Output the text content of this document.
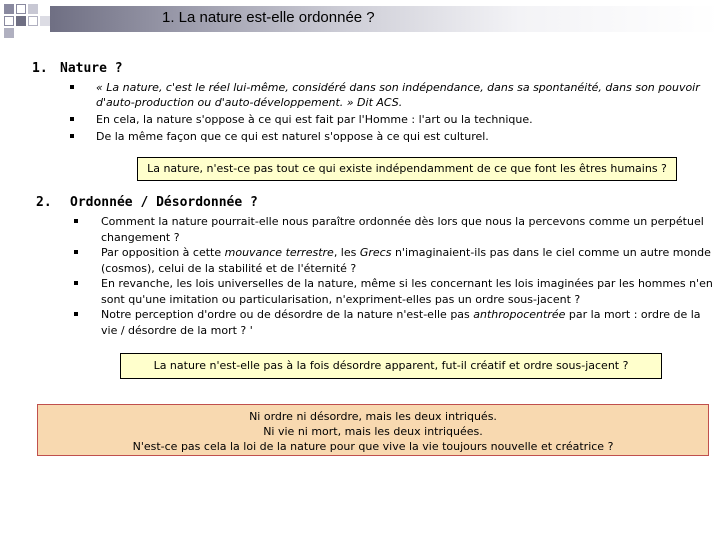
1. La nature est-elle ordonnée ?
1. Nature ?
« La nature, c'est le réel lui-même, considéré dans son indépendance, dans sa spontanéité, dans son pouvoir d'auto-production ou d'auto-développement. » Dit ACS.
En cela, la nature s'oppose à ce qui est fait par l'Homme : l'art ou la technique.
De la même façon que ce qui est naturel s'oppose à ce qui est culturel.
La nature, n'est-ce pas tout ce qui existe indépendamment de ce que font les êtres humains ?
2. Ordonnée / Désordonnée ?
Comment la nature pourrait-elle nous paraître ordonnée dès lors que nous la percevons comme un perpétuel changement ?
Par opposition à cette mouvance terrestre, les Grecs n'imaginaient-ils pas dans le ciel comme un autre monde (cosmos), celui de la stabilité et de l'éternité ?
En revanche, les lois universelles de la nature, même si les concernant les lois imaginées par les hommes n'en sont qu'une imitation ou particularisation, n'expriment-elles pas un ordre sous-jacent ?
Notre perception d'ordre ou de désordre de la nature n'est-elle pas anthropocentrée par la mort : ordre de la vie / désordre de la mort ? '
La nature n'est-elle pas à la fois désordre apparent, fut-il créatif et ordre sous-jacent ?
Ni ordre ni désordre, mais les deux intriqués.
Ni vie ni mort, mais les deux intriquées.
N'est-ce pas cela la loi de la nature pour que vive la vie toujours nouvelle et créatrice ?
